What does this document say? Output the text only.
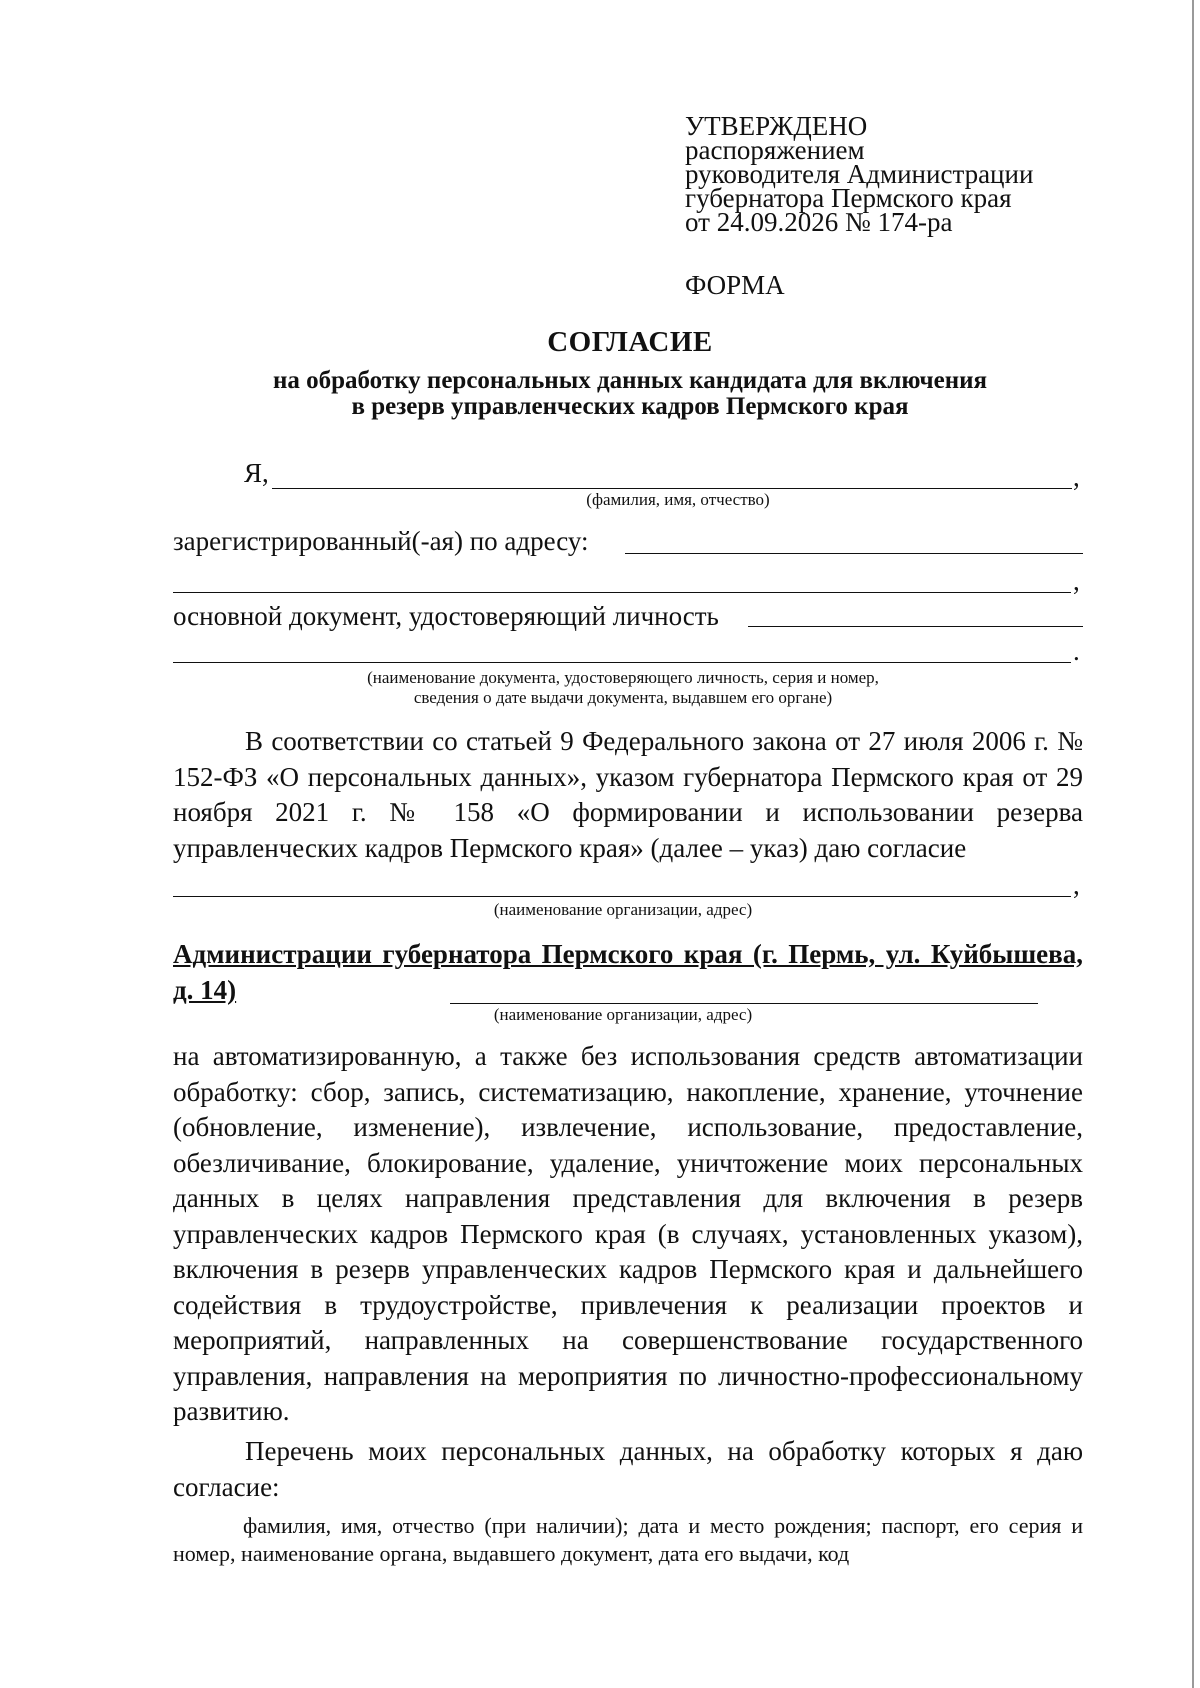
УТВЕРЖДЕНО
распоряжением
руководителя Администрации
губернатора Пермского края
от 24.09.2026 № 174-ра
ФОРМА
СОГЛАСИЕ
на обработку персональных данных кандидата для включения
в резерв управленческих кадров Пермского края
Я,	,
(фамилия, имя, отчество)
зарегистрированный(-ая) по адресу:
,
основной документ, удостоверяющий личность
.
(наименование документа, удостоверяющего личность, серия и номер,
сведения о дате выдачи документа, выдавшем его органе)

В соответствии со статьей 9 Федерального закона от 27 июля 2006 г. № 152-ФЗ «О персональных данных», указом губернатора Пермского края от 29 ноября 2021 г. № 158 «О формировании и использовании резерва управленческих кадров Пермского края» (далее – указ) даю согласие

,
(наименование организации, адрес)
Администрации губернатора Пермского края (г. Пермь, ул. Куйбышева, д. 14)
(наименование организации, адрес)

на автоматизированную, а также без использования средств автоматизации обработку: сбор, запись, систематизацию, накопление, хранение, уточнение (обновление, изменение), извлечение, использование, предоставление, обезличивание, блокирование, удаление, уничтожение моих персональных данных в целях направления представления для включения в резерв управленческих кадров Пермского края (в случаях, установленных указом), включения в резерв управленческих кадров Пермского края и дальнейшего содействия в трудоустройстве, привлечения к реализации проектов и мероприятий, направленных на совершенствование государственного управления, направления на мероприятия по личностно-профессиональному развитию.

Перечень моих персональных данных, на обработку которых я даю согласие:

фамилия, имя, отчество (при наличии); дата и место рождения; паспорт, его серия и номер, наименование органа, выдавшего документ, дата его выдачи, код
